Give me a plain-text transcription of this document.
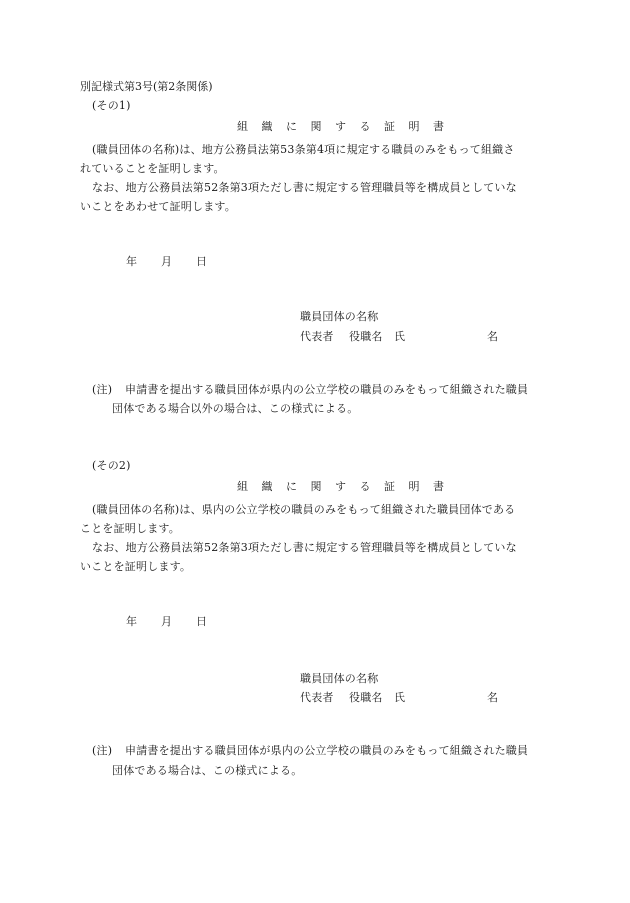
別記様式第3号(第2条関係)
(その1)
組 織 に 関 す る 証 明 書
(職員団体の名称)は、地方公務員法第53条第4項に規定する職員のみをもって組織さ
れていることを証明します。
なお、地方公務員法第52条第3項ただし書に規定する管理職員等を構成員としていな
いことをあわせて証明します。
年 月 日
職員団体の名称
代表者 役職名 氏	名
(注) 申請書を提出する職員団体が県内の公立学校の職員のみをもって組織された職員
団体である場合以外の場合は、この様式による。
(その2)
組 織 に 関 す る 証 明 書
(職員団体の名称)は、県内の公立学校の職員のみをもって組織された職員団体である
ことを証明します。
なお、地方公務員法第52条第3項ただし書に規定する管理職員等を構成員としていな
いことを証明します。
年 月 日
職員団体の名称
代表者 役職名 氏	名
(注) 申請書を提出する職員団体が県内の公立学校の職員のみをもって組織された職員
団体である場合は、この様式による。
